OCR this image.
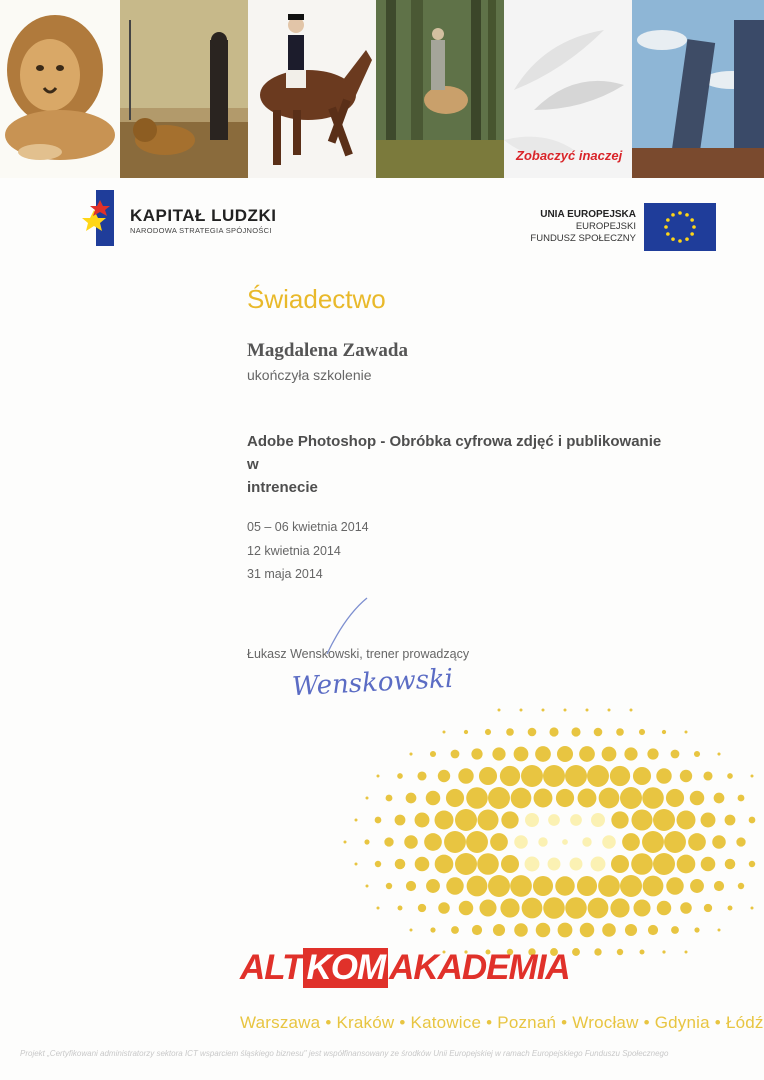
Zobaczyć inaczej
KAPITAŁ LUDZKI
NARODOWA STRATEGIA SPÓJNOŚCI
UNIA EUROPEJSKA
EUROPEJSKI
FUNDUSZ SPOŁECZNY
Świadectwo
Magdalena Zawada
ukończyła szkolenie
Adobe Photoshop - Obróbka cyfrowa zdjęć i publikowanie w
intrenecie
05 – 06 kwietnia 2014
12 kwietnia 2014
31 maja 2014
Łukasz Wenskowski, trener prowadzący
Wenskowski
ALT KOM AKADEMIA
Warszawa • Kraków • Katowice • Poznań • Wrocław • Gdynia • Łódź
Projekt „Certyfikowani administratorzy sektora ICT wsparciem śląskiego biznesu" jest współfinansowany ze środków Unii Europejskiej w ramach Europejskiego Funduszu Społecznego
